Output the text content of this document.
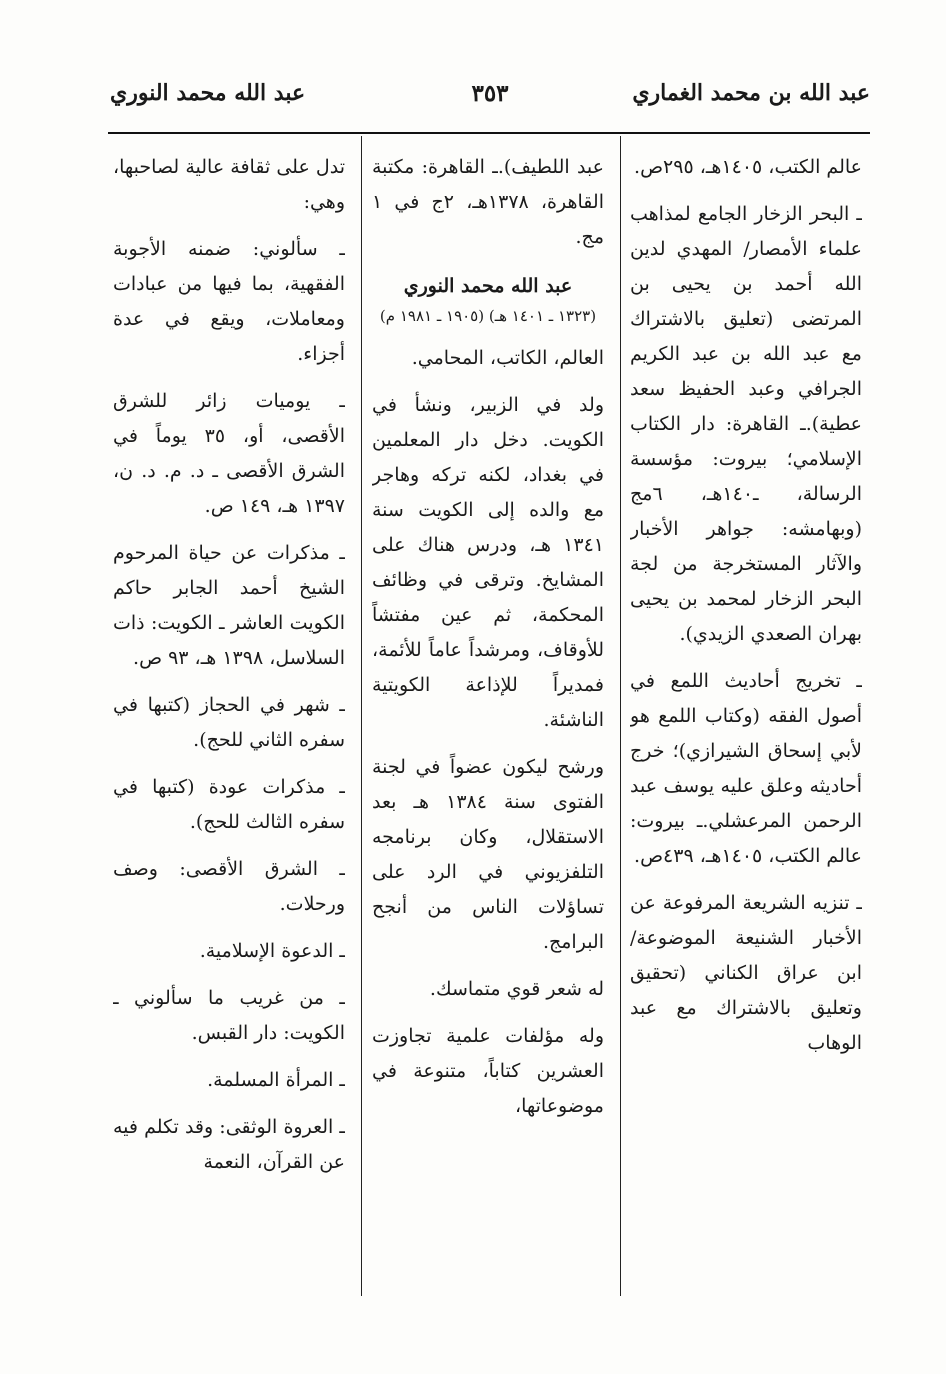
عبد الله بن محمد الغماري
٣٥٣
عبد الله محمد النوري

عالم الكتب، ١٤٠٥هـ، ٢٩٥ص.

ـ البحر الزخار الجامع لمذاهب علماء الأمصار/ المهدي لدين الله أحمد بن يحيى بن المرتضى (تعليق بالاشتراك مع عبد الله بن عبد الكريم الجرافي وعبد الحفيظ سعد عطية).ـ القاهرة: دار الكتاب الإسلامي؛ بيروت: مؤسسة الرسالة، ـ١٤٠هـ، ٦مج (وبهامشه: جواهر الأخبار والآثار المستخرجة من لجة البحر الزخار لمحمد بن يحيى بهران الصعدي الزيدي).

ـ تخريج أحاديث اللمع في أصول الفقه (وكتاب اللمع هو لأبي إسحاق الشيرازي)؛ خرج أحاديثه وعلق عليه يوسف عبد الرحمن المرعشلي.ـ بيروت: عالم الكتب، ١٤٠٥هـ، ٤٣٩ص.

ـ تنزيه الشريعة المرفوعة عن الأخبار الشنيعة الموضوعة/ ابن عراق الكناني (تحقيق وتعليق بالاشتراك مع عبد الوهاب

عبد اللطيف).ـ القاهرة: مكتبة القاهرة، ١٣٧٨هـ، ٢ج في ١ مج.

عبد الله محمد النوري
(١٣٢٣ ـ ١٤٠١ هـ) (١٩٠٥ ـ ١٩٨١ م)

العالم، الكاتب، المحامي.

ولد في الزبير، ونشأ في الكويت. دخل دار المعلمين في بغداد، لكنه تركه وهاجر مع والده إلى الكويت سنة ١٣٤١ هـ، ودرس هناك على المشايخ. وترقى في وظائف المحكمة، ثم عين مفتشاً للأوقاف، ومرشداً عاماً للأئمة، فمديراً للإذاعة الكويتية الناشئة.

ورشح ليكون عضواً في لجنة الفتوى سنة ١٣٨٤ هـ بعد الاستقلال، وكان برنامجه التلفزيوني في الرد على تساؤلات الناس من أنجح البرامج.

له شعر قوي متماسك.

وله مؤلفات علمية تجاوزت العشرين كتاباً، متنوعة في موضوعاتها،

تدل على ثقافة عالية لصاحبها، وهي:

ـ سألوني: ضمنه الأجوبة الفقهية، بما فيها من عبادات ومعاملات، ويقع في عدة أجزاء.

ـ يوميات زائر للشرق الأقصى، أو، ٣٥ يوماً في الشرق الأقصى ـ د. م. د. ن، ١٣٩٧ هـ، ١٤٩ ص.

ـ مذكرات عن حياة المرحوم الشيخ أحمد الجابر حاكم الكويت العاشر ـ الكويت: ذات السلاسل، ١٣٩٨ هـ، ٩٣ ص.

ـ شهر في الحجاز (كتبها في سفره الثاني للحج).

ـ مذكرات عودة (كتبها في سفره الثالث للحج).

ـ الشرق الأقصى: وصف ورحلات.

ـ الدعوة الإسلامية.

ـ من غريب ما سألوني ـ الكويت: دار القبس.

ـ المرأة المسلمة.

ـ العروة الوثقى: وقد تكلم فيه عن القرآن، النعمة
